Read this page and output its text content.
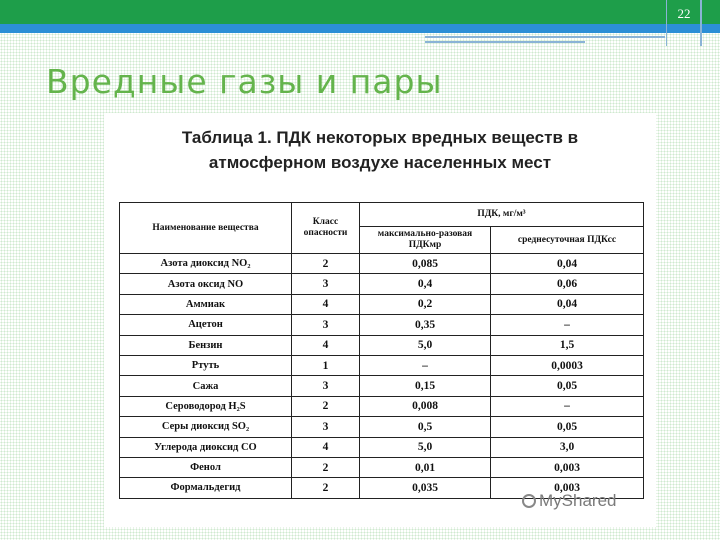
22
Вредные газы и пары
Таблица 1. ПДК некоторых вредных веществ в
атмосферном воздухе населенных мест
Наименование вещества	Класс опасности	ПДК, мг/м³	
		максимально-разовая ПДКмр	среднесуточная ПДКсс
Азота диоксид NO₂	2	0,085	0,04
Азота оксид NO	3	0,4	0,06
Аммиак	4	0,2	0,04
Ацетон	3	0,35	–
Бензин	4	5,0	1,5
Ртуть	1	–	0,0003
Сажа	3	0,15	0,05
Сероводород H₂S	2	0,008	–
Серы диоксид SO₂	3	0,5	0,05
Углерода диоксид CO	4	5,0	3,0
Фенол	2	0,01	0,003
Формальдегид	2	0,035	0,003
MyShared
